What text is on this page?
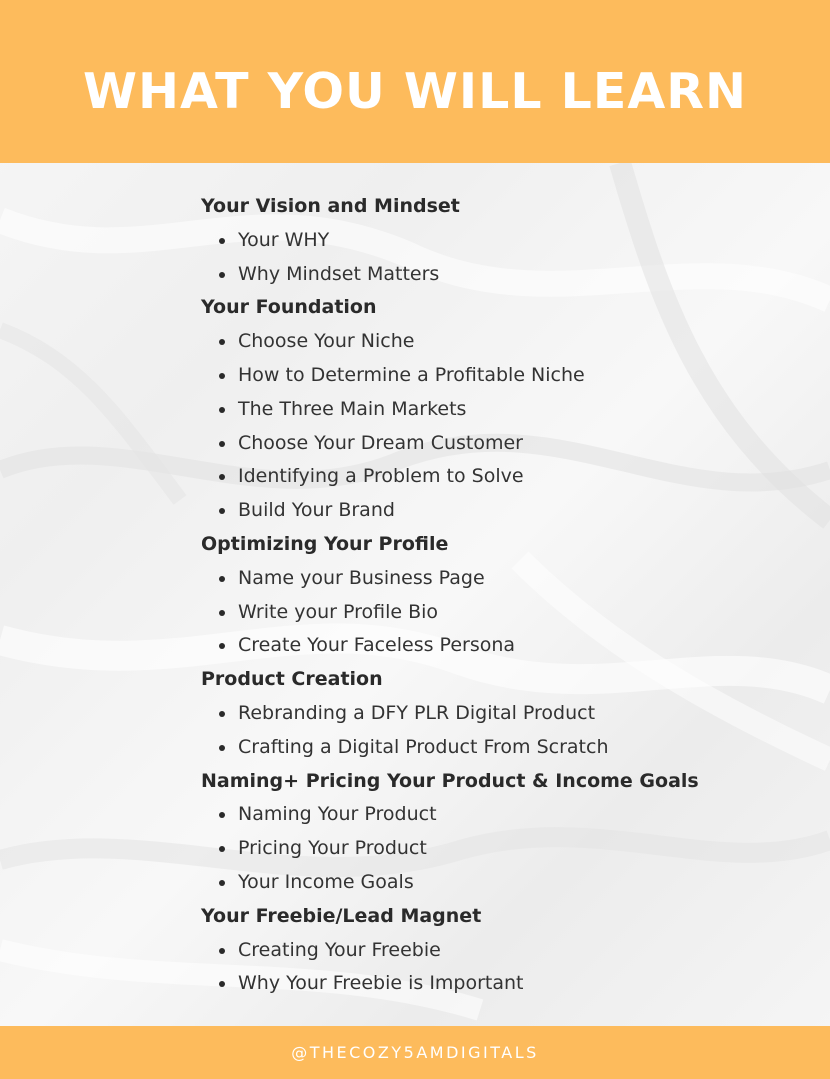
WHAT YOU WILL LEARN
Your Vision and Mindset
Your WHY
Why Mindset Matters
Your Foundation
Choose Your Niche
How to Determine a Profitable Niche
The Three Main Markets
Choose Your Dream Customer
Identifying a Problem to Solve
Build Your Brand
Optimizing Your Profile
Name your Business Page
Write your Profile Bio
Create Your Faceless Persona
Product Creation
Rebranding a DFY PLR Digital Product
Crafting a Digital Product From Scratch
Naming+ Pricing Your Product & Income Goals
Naming Your Product
Pricing Your Product
Your Income Goals
Your Freebie/Lead Magnet
Creating Your Freebie
Why Your Freebie is Important
@THECOZY5AMDIGITALS
